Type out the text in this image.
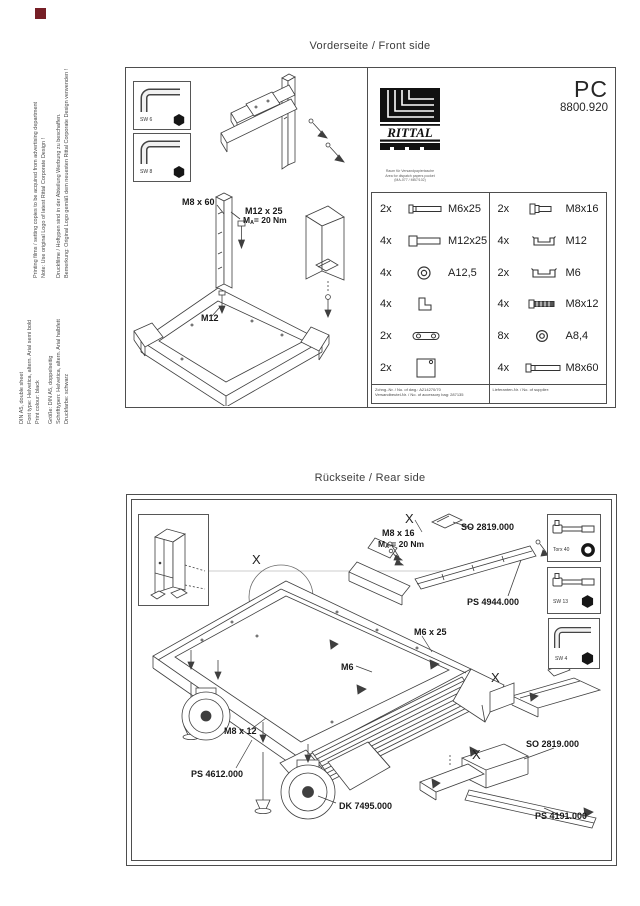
Bemerkung: Original Logo gemäß dem neuesten Rittal Corporate Design verwenden !
Druckfilme / Hoftypen sind in der Abteilung Werbung zu beschaffen.
Note: Use original Logo of latest Rittal Corporate Design !
Printing films / setting copies to be acquired from advertising department
Druckfarbe: schwarz
Schrifttypen: Helvetica, altern. Arial halbfett
Größe: DIN A5, doppelseitig
Print colour: black
Font type: Helvetica, altern. Arial semi bold
DIN A5, double sheet
Vorderseite / Front side
SW 6
SW 8
M8 x 60
M12 x 25
MA= 20 Nm
M12
RITTAL
PC
8800.920
Raum für Versandpapiertasche
Area for dispatch papers pocket
(MA-077 / MB7/102)
2x	M6x25
4x	M12x25
4x	A12,5
4x
2x
2x
2x	M8x16
4x	M12
2x	M6
4x	M8x12
8x	A8,4
4x	M8x60
Zchng.-Nr. / No. of dwg.: A214270/70
Versandbeutel-Nr. / No. of accessory bag: 287135
Lieferanten-Nr. / No. of supplier:
Rückseite / Rear side
Torx 40
SW 13
SW 4
X
M8 x 16
MA = 20 Nm
SO 2819.000
PS 4944.000
X
M6 x 25
M6
M8 x 12
PS 4612.000
DK 7495.000
X
X
SO 2819.000
PS 4191.000
